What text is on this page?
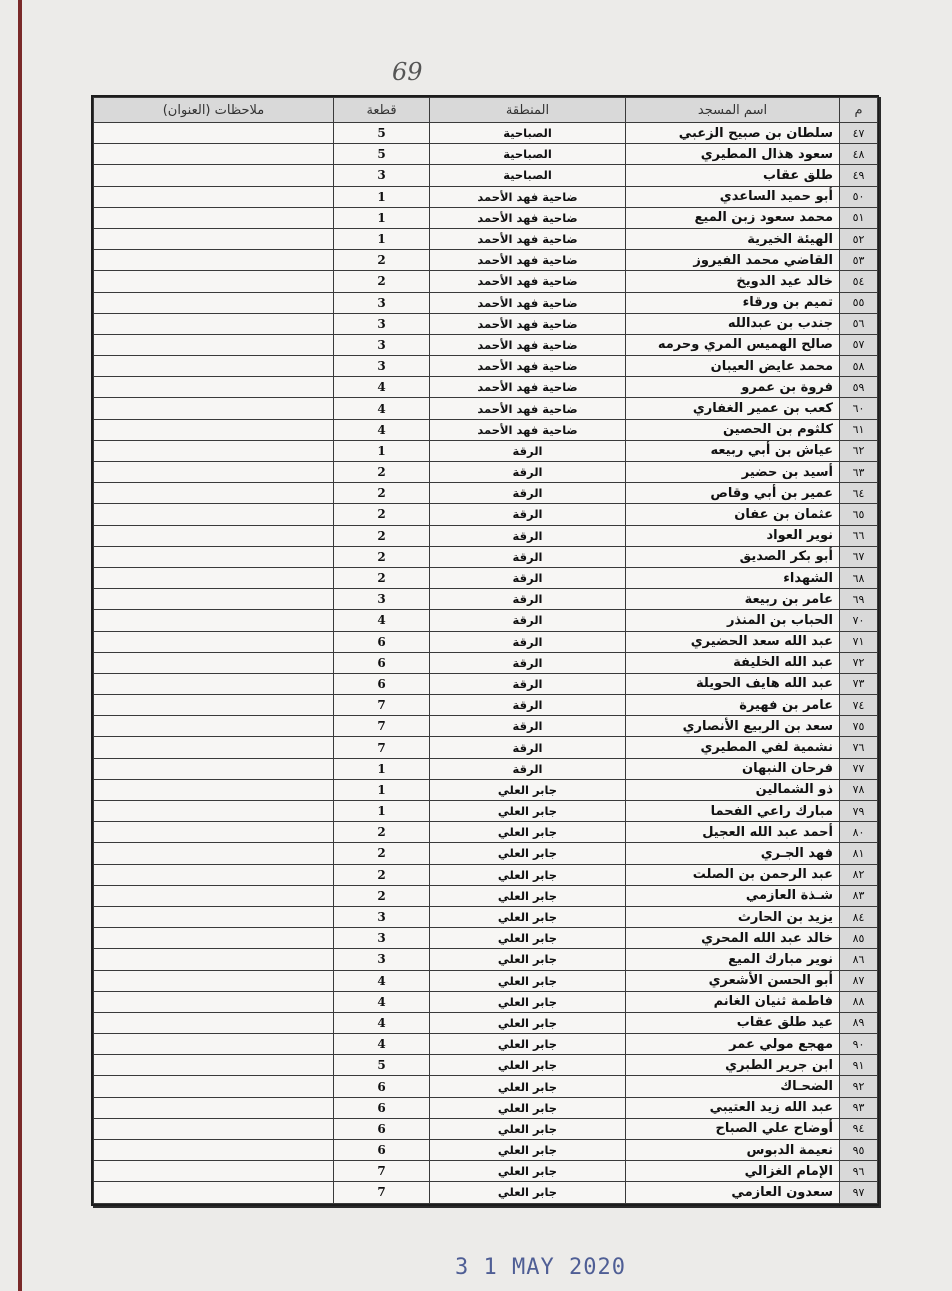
69
م	اسم المسجد	المنطقة	قطعة	ملاحظات (العنوان)
٤٧	سلطان بن صبيح الزعبي	الصباحية	5	
٤٨	سعود هذال المطيري	الصباحية	5	
٤٩	طلق عقاب	الصباحية	3	
٥٠	أبو حميد الساعدي	ضاحية فهد الأحمد	1	
٥١	محمد سعود زبن الميع	ضاحية فهد الأحمد	1	
٥٢	الهيئة الخيرية	ضاحية فهد الأحمد	1	
٥٣	القاضي محمد الفيروز	ضاحية فهد الأحمد	2	
٥٤	خالد عيد الدويخ	ضاحية فهد الأحمد	2	
٥٥	تميم بن ورقاء	ضاحية فهد الأحمد	3	
٥٦	جندب بن عبدالله	ضاحية فهد الأحمد	3	
٥٧	صالح الهميس المري وحرمه	ضاحية فهد الأحمد	3	
٥٨	محمد عايض العيبان	ضاحية فهد الأحمد	3	
٥٩	فروة بن عمرو	ضاحية فهد الأحمد	4	
٦٠	كعب بن عمير الغفاري	ضاحية فهد الأحمد	4	
٦١	كلثوم بن الحصين	ضاحية فهد الأحمد	4	
٦٢	عياش بن أبي ربيعه	الرقة	1	
٦٣	أسيد بن حضير	الرقة	2	
٦٤	عمير بن أبي وقاص	الرقة	2	
٦٥	عثمان بن عفان	الرقة	2	
٦٦	نوير العواد	الرقة	2	
٦٧	أبو بكر الصديق	الرقة	2	
٦٨	الشهداء	الرقة	2	
٦٩	عامر بن ربيعة	الرقة	3	
٧٠	الحباب بن المنذر	الرقة	4	
٧١	عبد الله سعد الحضيري	الرقة	6	
٧٢	عبد الله الخليفة	الرقة	6	
٧٣	عبد الله هايف الحويلة	الرقة	6	
٧٤	عامر بن فهيرة	الرقة	7	
٧٥	سعد بن الربيع الأنصاري	الرقة	7	
٧٦	نشمية لفي المطيري	الرقة	7	
٧٧	فرحان النبهان	الرقة	1	
٧٨	ذو الشمالين	جابر العلي	1	
٧٩	مبارك راعي الفحما	جابر العلي	1	
٨٠	أحمد عبد الله العجيل	جابر العلي	2	
٨١	فهد الجـري	جابر العلي	2	
٨٢	عبد الرحمن بن الصلت	جابر العلي	2	
٨٣	شـذة العازمي	جابر العلي	2	
٨٤	يزيد بن الحارث	جابر العلي	3	
٨٥	خالد عبد الله المحري	جابر العلي	3	
٨٦	نوير مبارك الميع	جابر العلي	3	
٨٧	أبو الحسن الأشعري	جابر العلي	4	
٨٨	فاطمة ثنيان الغانم	جابر العلي	4	
٨٩	عيد طلق عقاب	جابر العلي	4	
٩٠	مهجع مولي عمر	جابر العلي	4	
٩١	ابن جرير الطبري	جابر العلي	5	
٩٢	الضحـاك	جابر العلي	6	
٩٣	عبد الله زيد العتيبي	جابر العلي	6	
٩٤	أوضاح علي الصباح	جابر العلي	6	
٩٥	نعيمة الدبوس	جابر العلي	6	
٩٦	الإمام الغزالي	جابر العلي	7	
٩٧	سعدون العازمي	جابر العلي	7	
3 1 MAY 2020
